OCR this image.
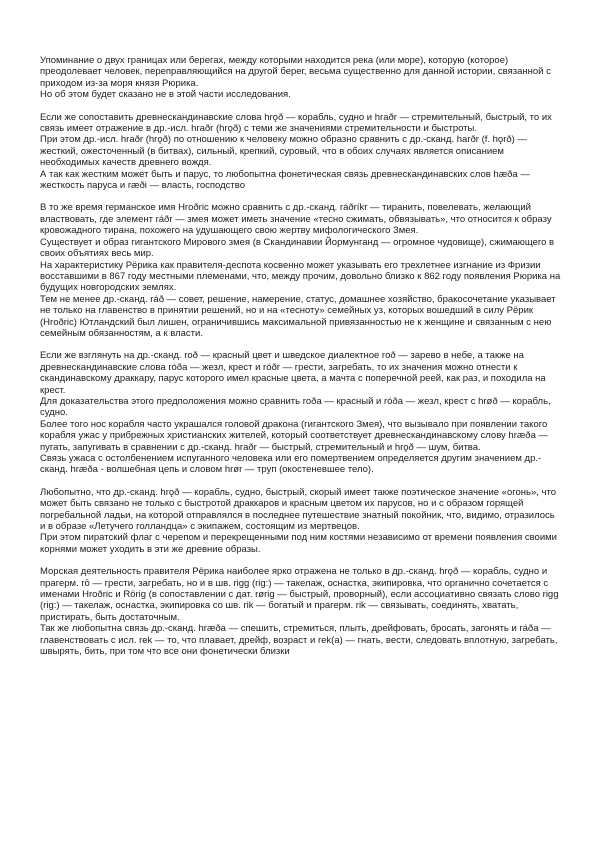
Упоминание о двух границах или берегах, между которыми находится река (или море), которую (которое) преодолевает человек, переправляющийся на другой берег, весьма существенно для данной истории, связанной с приходом из-за моря князя Рюрика.

Но об этом будет сказано не в этой части исследования.

Если же сопоставить древнескандинавские слова hrǫð — корабль, судно и hraðr — стремительный, быстрый, то их связь имеет отражение в др.-исл. hraðr (hrǫð) с теми же значениями стремительности и быстроты.

При этом др.-исл. hraðr (hrǫð) по отношению к человеку можно образно сравнить с др.-сканд. harðr (f. hǫrð) — жесткий, ожесточенный (в битвах), сильный, крепкий, суровый, что в обоих случаях является описанием необходимых качеств древнего вождя.

А так как жестким может быть и парус, то любопытна фонетическая связь древнескандинавских слов hæða — жесткость паруса и ræði — власть, господство

В то же время германское имя Hroðric можно сравнить с др.-сканд. ráðríkr — тиранить, повелевать, желающий властвовать, где элемент ráðr — змея может иметь значение «тесно сжимать, обвязывать», что относится к образу кровожадного тирана, похожего на удушающего свою жертву мифологического Змея.

Существует и образ гигантского Мирового змея (в Скандинавии Йормунганд — огромное чудовище), сжимающего в своих объятиях весь мир.

На характеристику Рёрика как правителя-деспота косвенно может указывать его трехлетнее изгнание из Фризии восставшими в 867 году местными племенами, что, между прочим, довольно близко к 862 году появления Рюрика на будущих новгородских землях.

Тем не менее др.-сканд. ráð — совет, решение, намерение, статус, домашнее хозяйство, бракосочетание указывает не только на главенство в принятии решений, но и на «тесноту» семейных уз, которых вошедший в силу Рёрик (Hroðric) Ютландский был лишен, ограничившись максимальной привязанностью не к женщине и связанным с нею семейным обязанностям, а к власти.

Если же взглянуть на др.-сканд. roð — красный цвет и шведское диалектное roð — зарево в небе, а также на древнескандинавские слова róða — жезл, крест и róðr — грести, загребать, то их значения можно отнести к скандинавскому драккару, парус которого имел красные цвета, а мачта с поперечной реей, как раз, и походила на крест.

Для доказательства этого предположения можно сравнить roða — красный и róða — жезл, крест с hrøð — корабль, судно.

Более того нос корабля часто украшался головой дракона (гигантского Змея), что вызывало при появлении такого корабля ужас у прибрежных христианских жителей, который соответствует древнескандинавскому слову hræða — пугать, запугивать в сравнении с др.-сканд. hraðr — быстрый, стремительный и hrǫð — шум, битва.

Связь ужаса с остолбенением испуганного человека или его помертвением определяется другим значением др.-сканд. hræða - волшебная цепь и словом hrør — труп (окостеневшее тело).

Любопытно, что др.-сканд. hrǫð — корабль, судно, быстрый, скорый имеет также поэтическое значение «огонь», что может быть связано не только с быстротой драккаров и красным цветом их парусов, но и с образом горящей погребальной ладьи, на которой отправлялся в последнее путешествие знатный покойник, что, видимо, отразилось и в образе «Летучего голландца» с экипажем, состоящим из мертвецов.

При этом пиратский флаг с черепом и перекрещенными под ним костями независимо от времени появления своими корнями может уходить в эти же древние образы.

Морская деятельность правителя Рёрика наиболее ярко отражена не только в др.-сканд. hrǫð — корабль, судно и прагерм. rō — грести, загребать, но и в шв. rigg (rig:) — такелаж, оснастка, экипировка, что органично сочетается с именами Hroðric и Rörig (в сопоставлении с дат. rørig — быстрый, проворный), если ассоциативно связать слово rigg (rig:) — такелаж, оснастка, экипировка со шв. rik — богатый и прагерм. rik — связывать, соединять, хватать, пристирать, быть достаточным.

Так же любопытна связь др.-сканд. hræða — спешить, стремиться, плыть, дрейфовать, бросать, загонять и ráða — главенствовать с исл. rek — то, что плавает, дрейф, возраст и rek(a) — гнать, вести, следовать вплотную, загребать, швырять, бить, при том что все они фонетически близки
